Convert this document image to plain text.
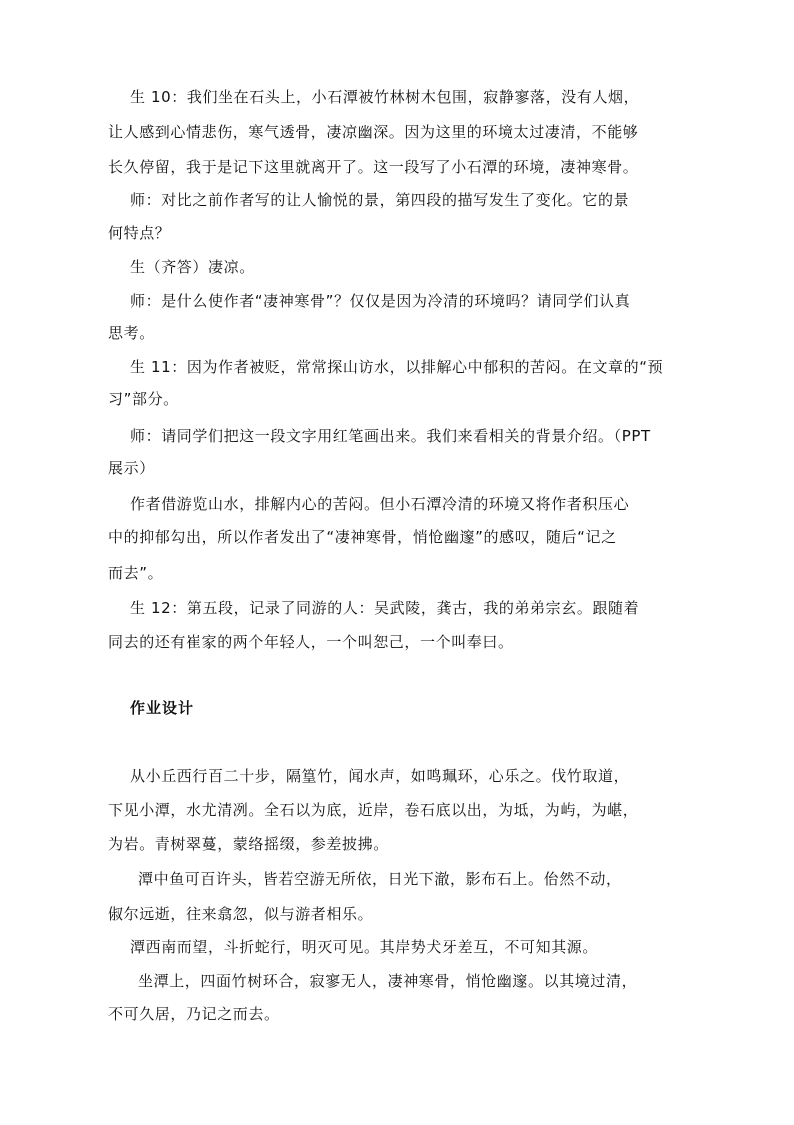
生 10：我们坐在石头上，小石潭被竹林树木包围，寂静寥落，没有人烟，
让人感到心情悲伤，寒气透骨，凄凉幽深。因为这里的环境太过凄清，不能够
长久停留，我于是记下这里就离开了。这一段写了小石潭的环境，凄神寒骨。
师：对比之前作者写的让人愉悦的景，第四段的描写发生了变化。它的景
何特点？
生（齐答）凄凉。
师：是什么使作者“凄神寒骨”？仅仅是因为冷清的环境吗？请同学们认真
思考。
生 11：因为作者被贬，常常探山访水，以排解心中郁积的苦闷。在文章的“预
习”部分。
师：请同学们把这一段文字用红笔画出来。我们来看相关的背景介绍。（PPT
展示）
作者借游览山水，排解内心的苦闷。但小石潭冷清的环境又将作者积压心
中的抑郁勾出，所以作者发出了“凄神寒骨，悄怆幽邃”的感叹，随后“记之
而去”。
生 12：第五段，记录了同游的人：吴武陵，龚古，我的弟弟宗玄。跟随着
同去的还有崔家的两个年轻人，一个叫恕己，一个叫奉曰。
作业设计
从小丘西行百二十步，隔篁竹，闻水声，如鸣珮环，心乐之。伐竹取道，
下见小潭，水尤清冽。全石以为底，近岸，卷石底以出，为坻，为屿，为嵁，
为岩。青树翠蔓，蒙络摇缀，参差披拂。
潭中鱼可百许头，皆若空游无所依，日光下澈，影布石上。佁然不动，
俶尔远逝，往来翕忽，似与游者相乐。
潭西南而望，斗折蛇行，明灭可见。其岸势犬牙差互，不可知其源。
坐潭上，四面竹树环合，寂寥无人，凄神寒骨，悄怆幽邃。以其境过清，
不可久居，乃记之而去。
